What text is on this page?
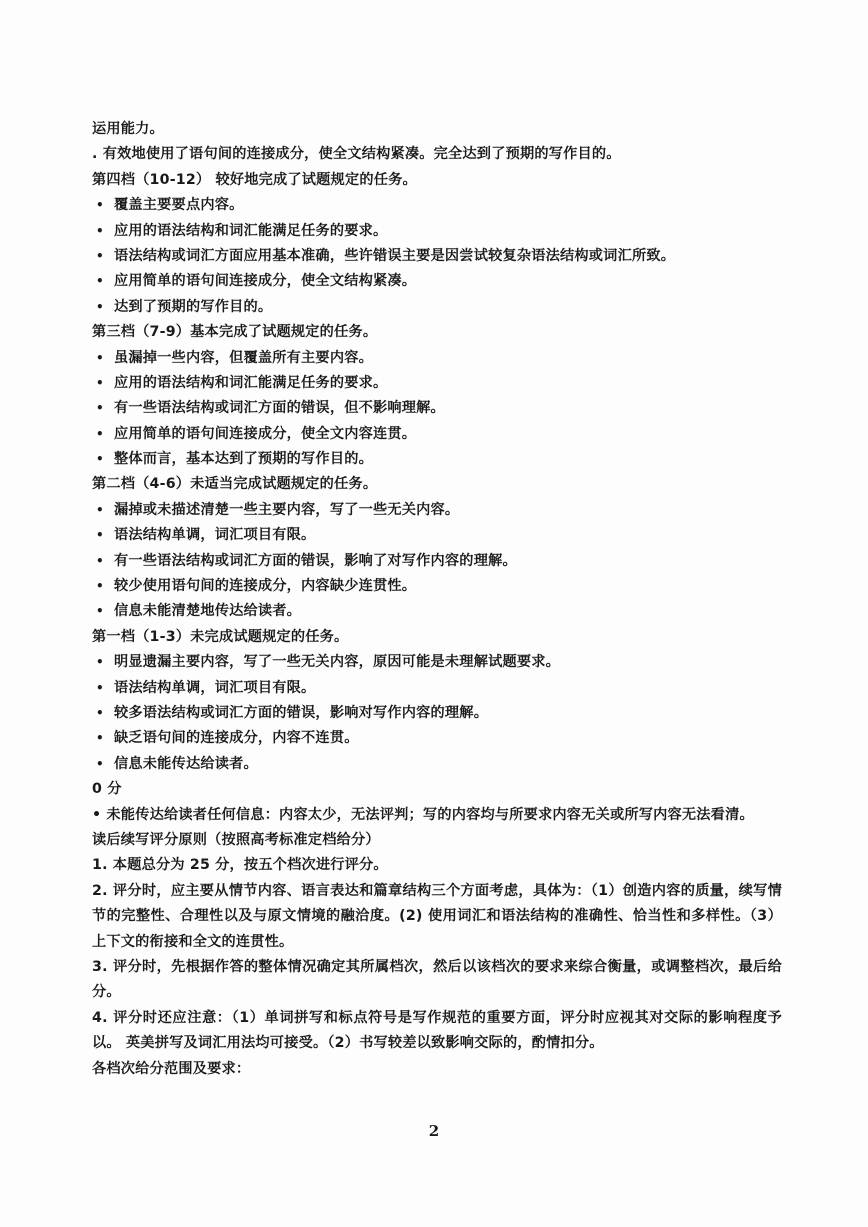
运用能力。
. 有效地使用了语句间的连接成分，使全文结构紧凑。完全达到了预期的写作目的。
第四档（10-12） 较好地完成了试题规定的任务。
• 覆盖主要要点内容。
• 应用的语法结构和词汇能满足任务的要求。
• 语法结构或词汇方面应用基本准确，些许错误主要是因尝试较复杂语法结构或词汇所致。
• 应用简单的语句间连接成分，使全文结构紧凑。
• 达到了预期的写作目的。
第三档（7-9）基本完成了试题规定的任务。
• 虽漏掉一些内容，但覆盖所有主要内容。
• 应用的语法结构和词汇能满足任务的要求。
• 有一些语法结构或词汇方面的错误，但不影响理解。
• 应用简单的语句间连接成分，使全文内容连贯。
• 整体而言，基本达到了预期的写作目的。
第二档（4-6）未适当完成试题规定的任务。
• 漏掉或未描述清楚一些主要内容，写了一些无关内容。
• 语法结构单调，词汇项目有限。
• 有一些语法结构或词汇方面的错误，影响了对写作内容的理解。
• 较少使用语句间的连接成分，内容缺少连贯性。
• 信息未能清楚地传达给读者。
第一档（1-3）未完成试题规定的任务。
• 明显遗漏主要内容，写了一些无关内容，原因可能是未理解试题要求。
• 语法结构单调，词汇项目有限。
• 较多语法结构或词汇方面的错误，影响对写作内容的理解。
• 缺乏语句间的连接成分，内容不连贯。
• 信息未能传达给读者。
0 分
• 未能传达给读者任何信息：内容太少，无法评判；写的内容均与所要求内容无关或所写内容无法看清。
读后续写评分原则（按照高考标准定档给分）
1. 本题总分为 25 分，按五个档次进行评分。
2. 评分时，应主要从情节内容、语言表达和篇章结构三个方面考虑，具体为：（1）创造内容的质量，续写情节的完整性、合理性以及与原文情境的融洽度。(2) 使用词汇和语法结构的准确性、恰当性和多样性。（3）上下文的衔接和全文的连贯性。
3. 评分时，先根据作答的整体情况确定其所属档次，然后以该档次的要求来综合衡量，或调整档次，最后给分。
4. 评分时还应注意：（1）单词拼写和标点符号是写作规范的重要方面，评分时应视其对交际的影响程度予以。 英美拼写及词汇用法均可接受。（2）书写较差以致影响交际的，酌情扣分。
各档次给分范围及要求：
2
